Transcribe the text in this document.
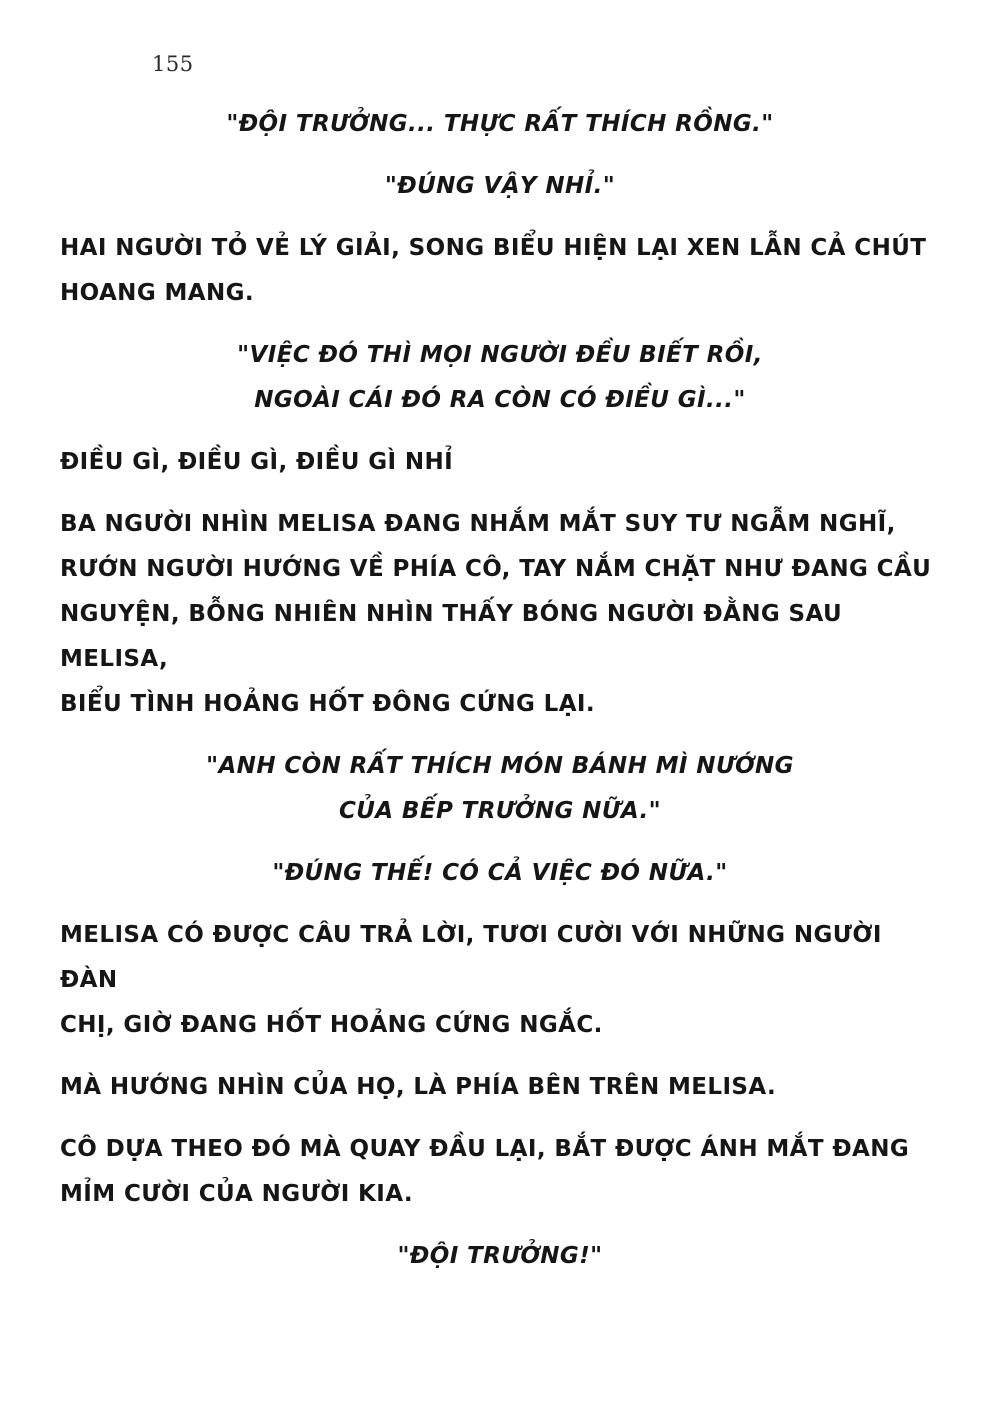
155
"ĐỘI TRƯỞNG... THỰC RẤT THÍCH RỒNG."
"ĐÚNG VẬY NHỈ."
HAI NGƯỜI TỎ VẺ LÝ GIẢI, SONG BIỂU HIỆN LẠI XEN LẪN CẢ CHÚT
HOANG MANG.
"VIỆC ĐÓ THÌ MỌI NGƯỜI ĐỀU BIẾT RỒI,
NGOÀI CÁI ĐÓ RA CÒN CÓ ĐIỀU GÌ..."
ĐIỀU GÌ, ĐIỀU GÌ, ĐIỀU GÌ NHỈ
BA NGƯỜI NHÌN MELISA ĐANG NHẮM MẮT SUY TƯ NGẪM NGHĨ,
RƯỚN NGƯỜI HƯỚNG VỀ PHÍA CÔ, TAY NẮM CHẶT NHƯ ĐANG CẦU
NGUYỆN, BỖNG NHIÊN NHÌN THẤY BÓNG NGƯỜI ĐẰNG SAU MELISA,
BIỂU TÌNH HOẢNG HỐT ĐÔNG CỨNG LẠI.
"ANH CÒN RẤT THÍCH MÓN BÁNH MÌ NƯỚNG
CỦA BẾP TRƯỞNG NỮA."
"ĐÚNG THẾ! CÓ CẢ VIỆC ĐÓ NỮA."
MELISA CÓ ĐƯỢC CÂU TRẢ LỜI, TƯƠI CƯỜI VỚI NHỮNG NGƯỜI ĐÀN
CHỊ, GIỜ ĐANG HỐT HOẢNG CỨNG NGẮC.
MÀ HƯỚNG NHÌN CỦA HỌ, LÀ PHÍA BÊN TRÊN MELISA.
CÔ DỰA THEO ĐÓ MÀ QUAY ĐẦU LẠI, BẮT ĐƯỢC ÁNH MẮT ĐANG
MỈM CƯỜI CỦA NGƯỜI KIA.
"ĐỘI TRƯỞNG!"
